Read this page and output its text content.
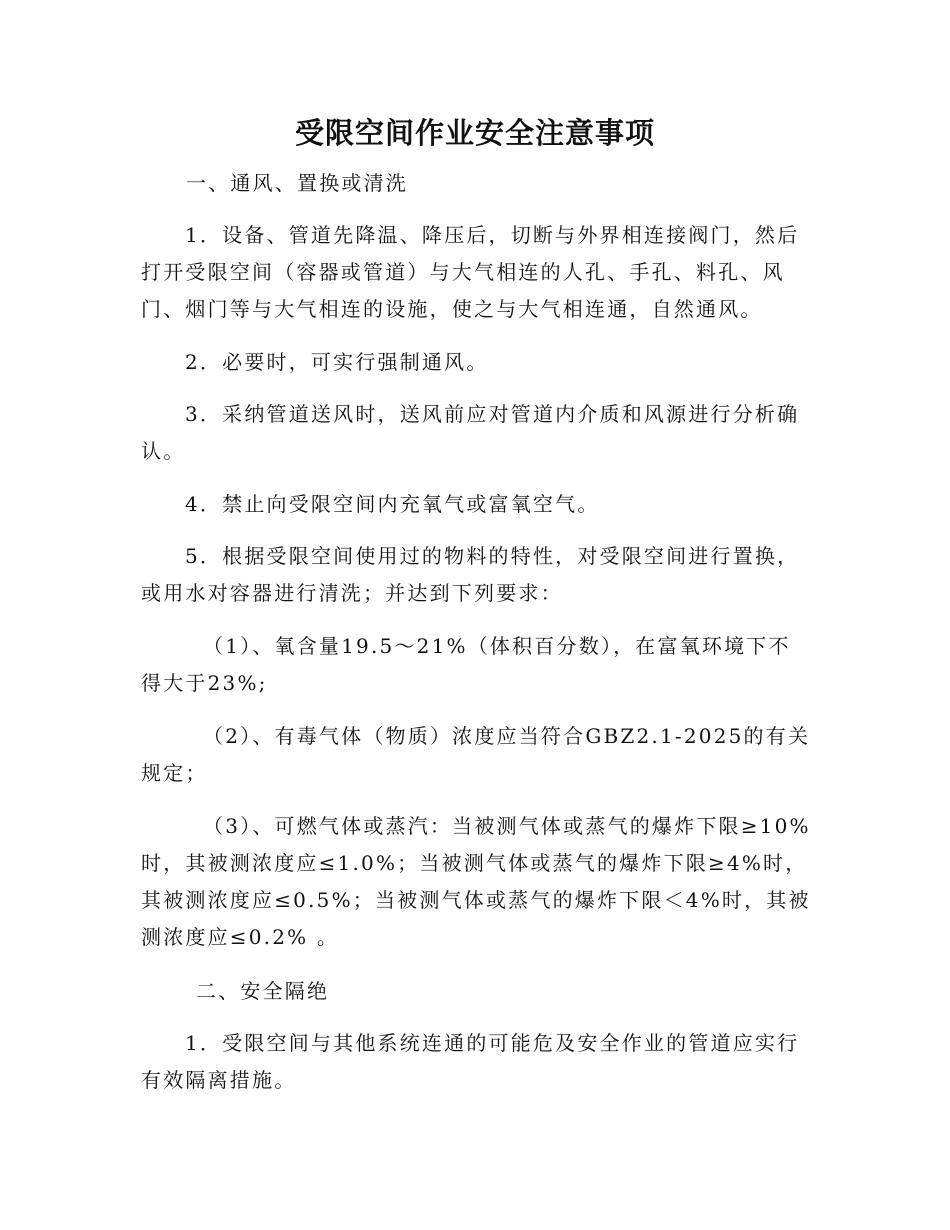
受限空间作业安全注意事项

一、通风、置换或清洗

1．设备、管道先降温、降压后，切断与外界相连接阀门，然后打开受限空间（容器或管道）与大气相连的人孔、手孔、料孔、风门、烟门等与大气相连的设施，使之与大气相连通，自然通风。

2．必要时，可实行强制通风。

3．采纳管道送风时，送风前应对管道内介质和风源进行分析确认。

4．禁止向受限空间内充氧气或富氧空气。

5．根据受限空间使用过的物料的特性，对受限空间进行置换，或用水对容器进行清洗；并达到下列要求：

（1）、氧含量19.5～21%（体积百分数），在富氧环境下不得大于23%;

（2）、有毒气体（物质）浓度应当符合GBZ2.1-2025的有关规定；

（3）、可燃气体或蒸汽：当被测气体或蒸气的爆炸下限≥10%时，其被测浓度应≤1.0%；当被测气体或蒸气的爆炸下限≥4%时，其被测浓度应≤0.5%；当被测气体或蒸气的爆炸下限＜4%时，其被测浓度应≤0.2% 。

二、安全隔绝

1．受限空间与其他系统连通的可能危及安全作业的管道应实行有效隔离措施。
